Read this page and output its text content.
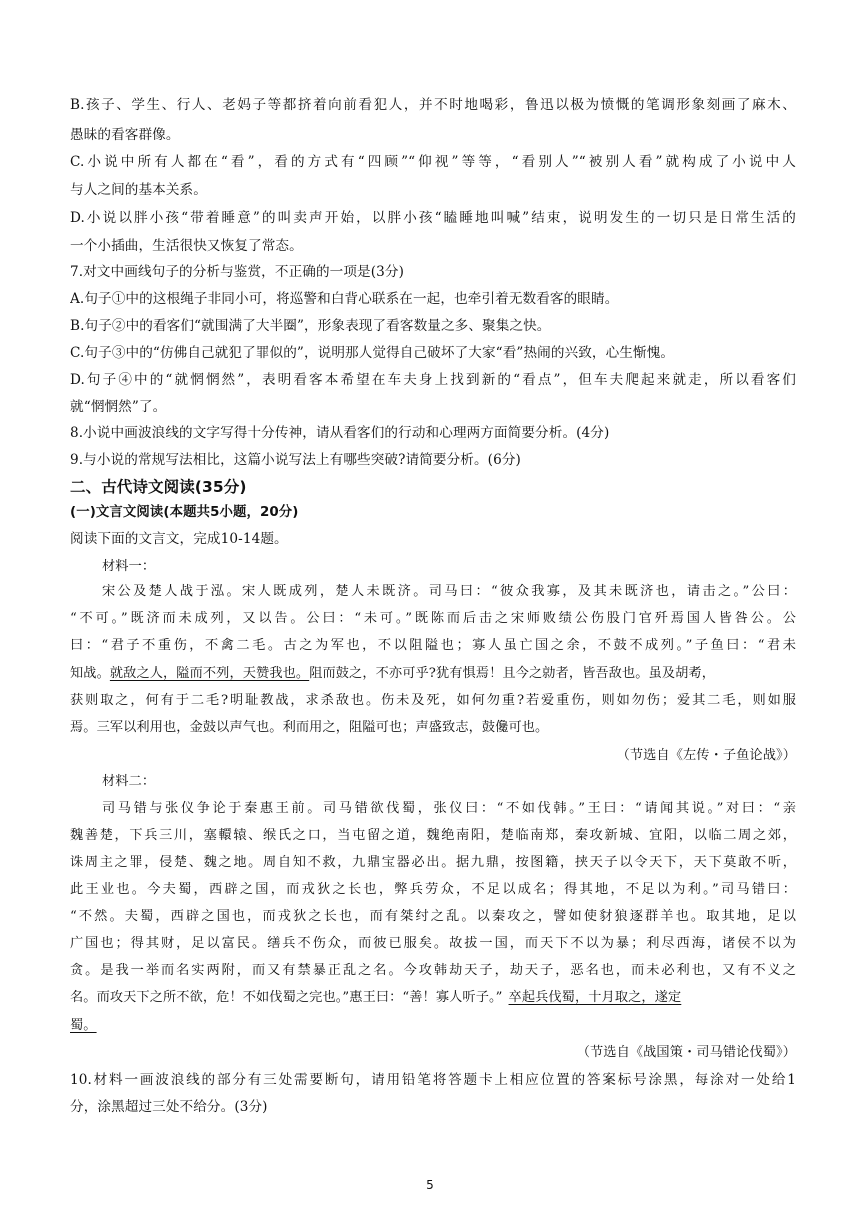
B.孩子、学生、行人、老妈子等都挤着向前看犯人，并不时地喝彩，鲁迅以极为愤慨的笔调形象刻画了麻木、
愚昧的看客群像。
C.小说中所有人都在“看”，看的方式有“四顾”“仰视”等等，“看别人”“被别人看”就构成了小说中人
与人之间的基本关系。
D.小说以胖小孩“带着睡意”的叫卖声开始，以胖小孩“瞌睡地叫喊”结束，说明发生的一切只是日常生活的
一个小插曲，生活很快又恢复了常态。
7.对文中画线句子的分析与鉴赏，不正确的一项是(3分)
A.句子①中的这根绳子非同小可，将巡警和白背心联系在一起，也牵引着无数看客的眼睛。
B.句子②中的看客们“就围满了大半圈”，形象表现了看客数量之多、聚集之快。
C.句子③中的“仿佛自己就犯了罪似的”，说明那人觉得自己破坏了大家“看”热闹的兴致，心生惭愧。
D.句子④中的“就惘惘然”，表明看客本希望在车夫身上找到新的“看点”，但车夫爬起来就走，所以看客们
就“惘惘然”了。
8.小说中画波浪线的文字写得十分传神，请从看客们的行动和心理两方面简要分析。(4分)
9.与小说的常规写法相比，这篇小说写法上有哪些突破?请简要分析。(6分)
二、古代诗文阅读(35分)
(一)文言文阅读(本题共5小题，20分)
阅读下面的文言文，完成10-14题。
材料一：
宋公及楚人战于泓。宋人既成列，楚人未既济。司马曰：“彼众我寡，及其未既济也，请击之。”公曰：
“不可。”既济而未成列，又以告。公曰：“未可。”既陈而后击之宋师败绩公伤股门官歼焉国人皆咎公。公
曰：“君子不重伤，不禽二毛。古之为军也，不以阻隘也；寡人虽亡国之余，不鼓不成列。”子鱼曰：“君未
知战。就敌之人，隘而不列，天赞我也。阻而鼓之，不亦可乎?犹有惧焉！且今之勍者，皆吾敌也。虽及胡耇，
获则取之，何有于二毛?明耻教战，求杀敌也。伤未及死，如何勿重?若爱重伤，则如勿伤；爱其二毛，则如服
焉。三军以利用也，金鼓以声气也。利而用之，阻隘可也；声盛致志，鼓儳可也。
（节选自《左传・子鱼论战》）
材料二：
司马错与张仪争论于秦惠王前。司马错欲伐蜀，张仪曰：“不如伐韩。”王曰：“请闻其说。”对曰：“亲
魏善楚，下兵三川，塞轘辕、缑氏之口，当屯留之道，魏绝南阳，楚临南郑，秦攻新城、宜阳，以临二周之郊，
诛周主之罪，侵楚、魏之地。周自知不救，九鼎宝器必出。据九鼎，按图籍，挟天子以令天下，天下莫敢不听，
此王业也。今夫蜀，西辟之国，而戎狄之长也，弊兵劳众，不足以成名；得其地，不足以为利。”司马错曰：
“不然。夫蜀，西辟之国也，而戎狄之长也，而有桀纣之乱。以秦攻之，譬如使豺狼逐群羊也。取其地，足以
广国也；得其财，足以富民。缮兵不伤众，而彼已服矣。故拔一国，而天下不以为暴；利尽西海，诸侯不以为
贪。是我一举而名实两附，而又有禁暴正乱之名。今攻韩劫天子，劫天子，恶名也，而未必利也，又有不义之
名。而攻天下之所不欲，危！不如伐蜀之完也。”惠王曰：“善！寡人听子。” 卒起兵伐蜀，十月取之，遂定
蜀。
（节选自《战国策・司马错论伐蜀》）
10.材料一画波浪线的部分有三处需要断句，请用铅笔将答题卡上相应位置的答案标号涂黑，每涂对一处给1
分，涂黑超过三处不给分。(3分)
5
